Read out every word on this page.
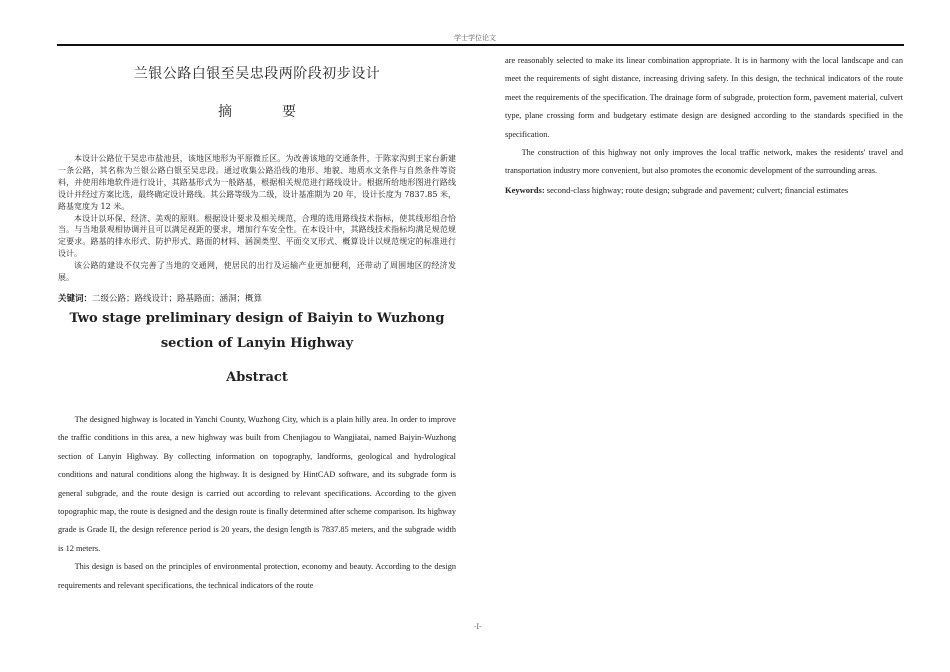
学士学位论文
兰银公路白银至吴忠段两阶段初步设计
摘　要

本设计公路位于吴忠市盐池县，该地区地形为平原微丘区。为改善该地的交通条件，于陈家沟到王家台新建一条公路，其名称为兰银公路白银至吴忠段。通过收集公路沿线的地形、地貌、地质水文条件与自然条件等资料，并使用纬地软件进行设计，其路基形式为一般路基，根据相关规范进行路线设计。根据所给地形图进行路线设计并经过方案比选，最终确定设计路线。其公路等级为二级，设计基准期为 20 年，设计长度为 7837.85 米，路基宽度为 12 米。

本设计以环保、经济、美观的原则。根据设计要求及相关规范，合理的选用路线技术指标，使其线形组合恰当。与当地景观相协调并且可以满足视距的要求，增加行车安全性。在本设计中，其路线技术指标均满足规范规定要求。路基的排水形式、防护形式、路面的材料、涵洞类型、平面交叉形式、概算设计以规范规定的标准进行设计。

该公路的建设不仅完善了当地的交通网，使居民的出行及运输产业更加便利，还带动了周围地区的经济发展。

关键词：二级公路；路线设计；路基路面；涵洞；概算
Two stage preliminary design of Baiyin to Wuzhong section of Lanyin Highway
Abstract

The designed highway is located in Yanchi County, Wuzhong City, which is a plain hilly area. In order to improve the traffic conditions in this area, a new highway was built from Chenjiagou to Wangjiatai, named Baiyin-Wuzhong section of Lanyin Highway. By collecting information on topography, landforms, geological and hydrological conditions and natural conditions along the highway. It is designed by HintCAD software, and its subgrade form is general subgrade, and the route design is carried out according to relevant specifications. According to the given topographic map, the route is designed and the design route is finally determined after scheme comparison. Its highway grade is Grade II, the design reference period is 20 years, the design length is 7837.85 meters, and the subgrade width is 12 meters.

This design is based on the principles of environmental protection, economy and beauty. According to the design requirements and relevant specifications, the technical indicators of the route

are reasonably selected to make its linear combination appropriate. It is in harmony with the local landscape and can meet the requirements of sight distance, increasing driving safety. In this design, the technical indicators of the route meet the requirements of the specification. The drainage form of subgrade, protection form, pavement material, culvert type, plane crossing form and budgetary estimate design are designed according to the standards specified in the specification.

The construction of this highway not only improves the local traffic network, makes the residents' travel and transportation industry more convenient, but also promotes the economic development of the surrounding areas.

Keywords: second-class highway; route design; subgrade and pavement; culvert; financial estimates
-I-
